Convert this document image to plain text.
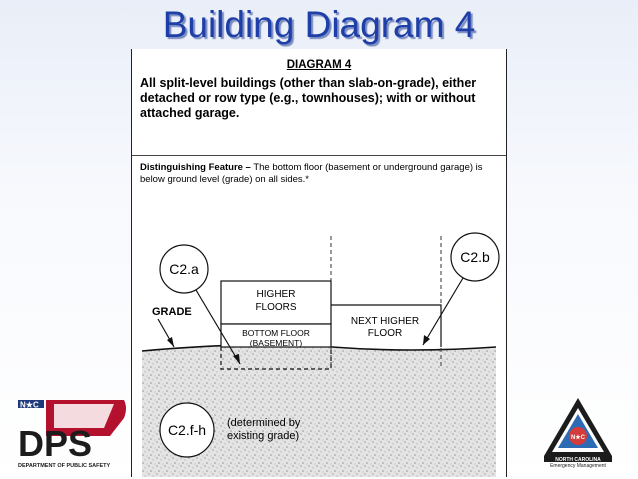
Building Diagram 4
DIAGRAM 4
All split-level buildings (other than slab-on-grade), either detached or row type (e.g., townhouses); with or without attached garage.
Distinguishing Feature – The bottom floor (basement or underground garage) is below ground level (grade) on all sides.*
C2.a
C2.b
C2.f-h
GRADE
HIGHER
FLOORS
BOTTOM FLOOR
(BASEMENT)
NEXT HIGHER
FLOOR
(determined by
existing grade)
N★C
DPS
DEPARTMENT OF PUBLIC SAFETY
N★C
NORTH CAROLINA
Emergency Management
